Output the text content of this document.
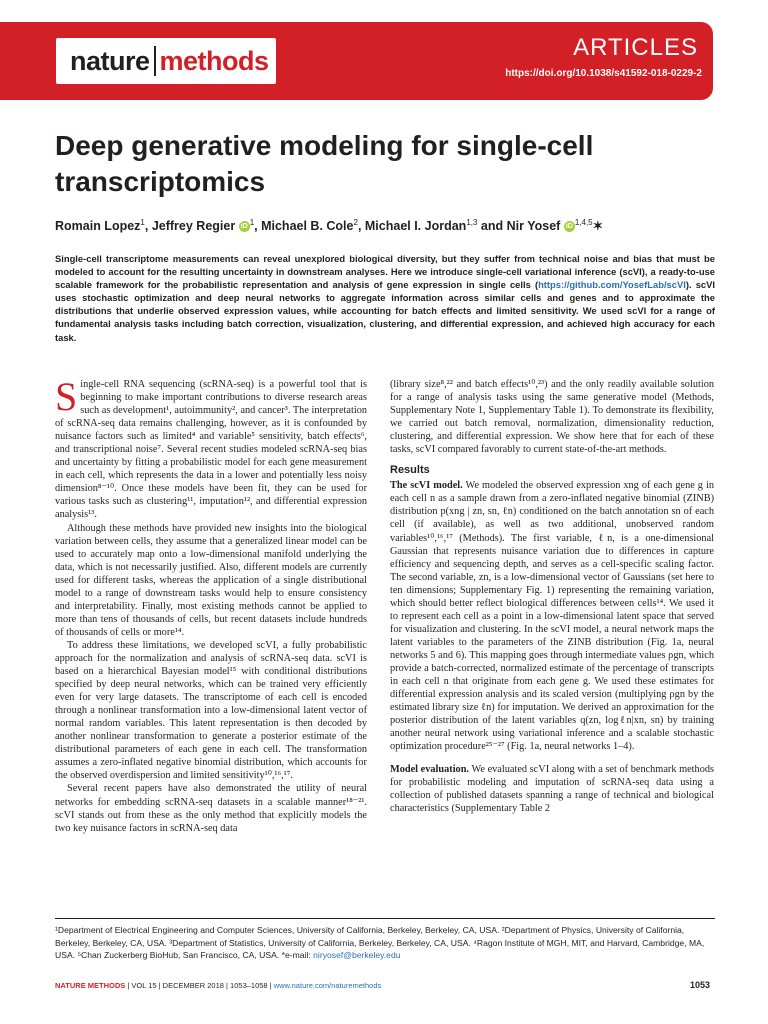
nature methods	ARTICLES
https://doi.org/10.1038/s41592-018-0229-2
Deep generative modeling for single-cell transcriptomics
Romain Lopez$^1$, Jeffrey Regier iD $^1$, Michael B. Cole$^2$, Michael I. Jordan$^{1,3}$ and Nir Yosef iD $^{1,4,5}$✶

Single-cell transcriptome measurements can reveal unexplored biological diversity, but they suffer from technical noise and bias that must be modeled to account for the resulting uncertainty in downstream analyses. Here we introduce single-cell variational inference (scVI), a ready-to-use scalable framework for the probabilistic representation and analysis of gene expression in single cells (https://github.com/YosefLab/scVI). scVI uses stochastic optimization and deep neural networks to aggregate information across similar cells and genes and to approximate the distributions that underlie observed expression values, while accounting for batch effects and limited sensitivity. We used scVI for a range of fundamental analysis tasks including batch correction, visualization, clustering, and differential expression, and achieved high accuracy for each task.

Single-cell RNA sequencing (scRNA-seq) is a powerful tool that is beginning to make important contributions to diverse research areas such as development¹, autoimmunity², and cancer³. The interpretation of scRNA-seq data remains challenging, however, as it is confounded by nuisance factors such as limited⁴ and variable⁵ sensitivity, batch effects⁶, and transcriptional noise⁷. Several recent studies modeled scRNA-seq bias and uncertainty by fitting a probabilistic model for each gene measurement in each cell, which represents the data in a lower and potentially less noisy dimension⁸⁻¹⁰. Once these models have been fit, they can be used for various tasks such as clustering¹¹, imputation¹², and differential expression analysis¹³.

Although these methods have provided new insights into the biological variation between cells, they assume that a generalized linear model can be used to accurately map onto a low-dimensional manifold underlying the data, which is not necessarily justified. Also, different models are currently used for different tasks, whereas the application of a single distributional model to a range of downstream tasks would help to ensure consistency and interpretability. Finally, most existing methods cannot be applied to more than tens of thousands of cells, but recent datasets include hundreds of thousands of cells or more¹⁴.

To address these limitations, we developed scVI, a fully probabilistic approach for the normalization and analysis of scRNA-seq data. scVI is based on a hierarchical Bayesian model¹⁵ with conditional distributions specified by deep neural networks, which can be trained very efficiently even for very large datasets. The transcriptome of each cell is encoded through a nonlinear transformation into a low-dimensional latent vector of normal random variables. This latent representation is then decoded by another nonlinear transformation to generate a posterior estimate of the distributional parameters of each gene in each cell. The transformation assumes a zero-inflated negative binomial distribution, which accounts for the observed overdispersion and limited sensitivity¹⁰,¹⁶,¹⁷.

Several recent papers have also demonstrated the utility of neural networks for embedding scRNA-seq datasets in a scalable manner¹⁸⁻²¹. scVI stands out from these as the only method that explicitly models the two key nuisance factors in scRNA-seq data

(library size⁸,²² and batch effects¹⁰,²³) and the only readily available solution for a range of analysis tasks using the same generative model (Methods, Supplementary Note 1, Supplementary Table 1). To demonstrate its flexibility, we carried out batch removal, normalization, dimensionality reduction, clustering, and differential expression. We show here that for each of these tasks, scVI compared favorably to current state-of-the-art methods.

Results

The scVI model. We modeled the observed expression xng of each gene g in each cell n as a sample drawn from a zero-inflated negative binomial (ZINB) distribution p(xng | zn, sn, ℓn) conditioned on the batch annotation sn of each cell (if available), as well as two additional, unobserved random variables¹⁰,¹⁶,¹⁷ (Methods). The first variable, ℓn, is a one-dimensional Gaussian that represents nuisance variation due to differences in capture efficiency and sequencing depth, and serves as a cell-specific scaling factor. The second variable, zn, is a low-dimensional vector of Gaussians (set here to ten dimensions; Supplementary Fig. 1) representing the remaining variation, which should better reflect biological differences between cells¹⁴. We used it to represent each cell as a point in a low-dimensional latent space that served for visualization and clustering. In the scVI model, a neural network maps the latent variables to the parameters of the ZINB distribution (Fig. 1a, neural networks 5 and 6). This mapping goes through intermediate values ρgn, which provide a batch-corrected, normalized estimate of the percentage of transcripts in each cell n that originate from each gene g. We used these estimates for differential expression analysis and its scaled version (multiplying ρgn by the estimated library size ℓn) for imputation. We derived an approximation for the posterior distribution of the latent variables q(zn, logℓn|xn, sn) by training another neural network using variational inference and a scalable stochastic optimization procedure²⁵⁻²⁷ (Fig. 1a, neural networks 1–4).

Model evaluation. We evaluated scVI along with a set of benchmark methods for probabilistic modeling and imputation of scRNA-seq data using a collection of published datasets spanning a range of technical and biological characteristics (Supplementary Table 2

¹Department of Electrical Engineering and Computer Sciences, University of California, Berkeley, Berkeley, CA, USA. ²Department of Physics, University of California, Berkeley, Berkeley, CA, USA. ³Department of Statistics, University of California, Berkeley, Berkeley, CA, USA. ⁴Ragon Institute of MGH, MIT, and Harvard, Cambridge, MA, USA. ⁵Chan Zuckerberg BioHub, San Francisco, CA, USA. *e-mail: niryosef@berkeley.edu
NATURE METHODS | VOL 15 | DECEMBER 2018 | 1053–1058 | www.nature.com/naturemethods	1053
